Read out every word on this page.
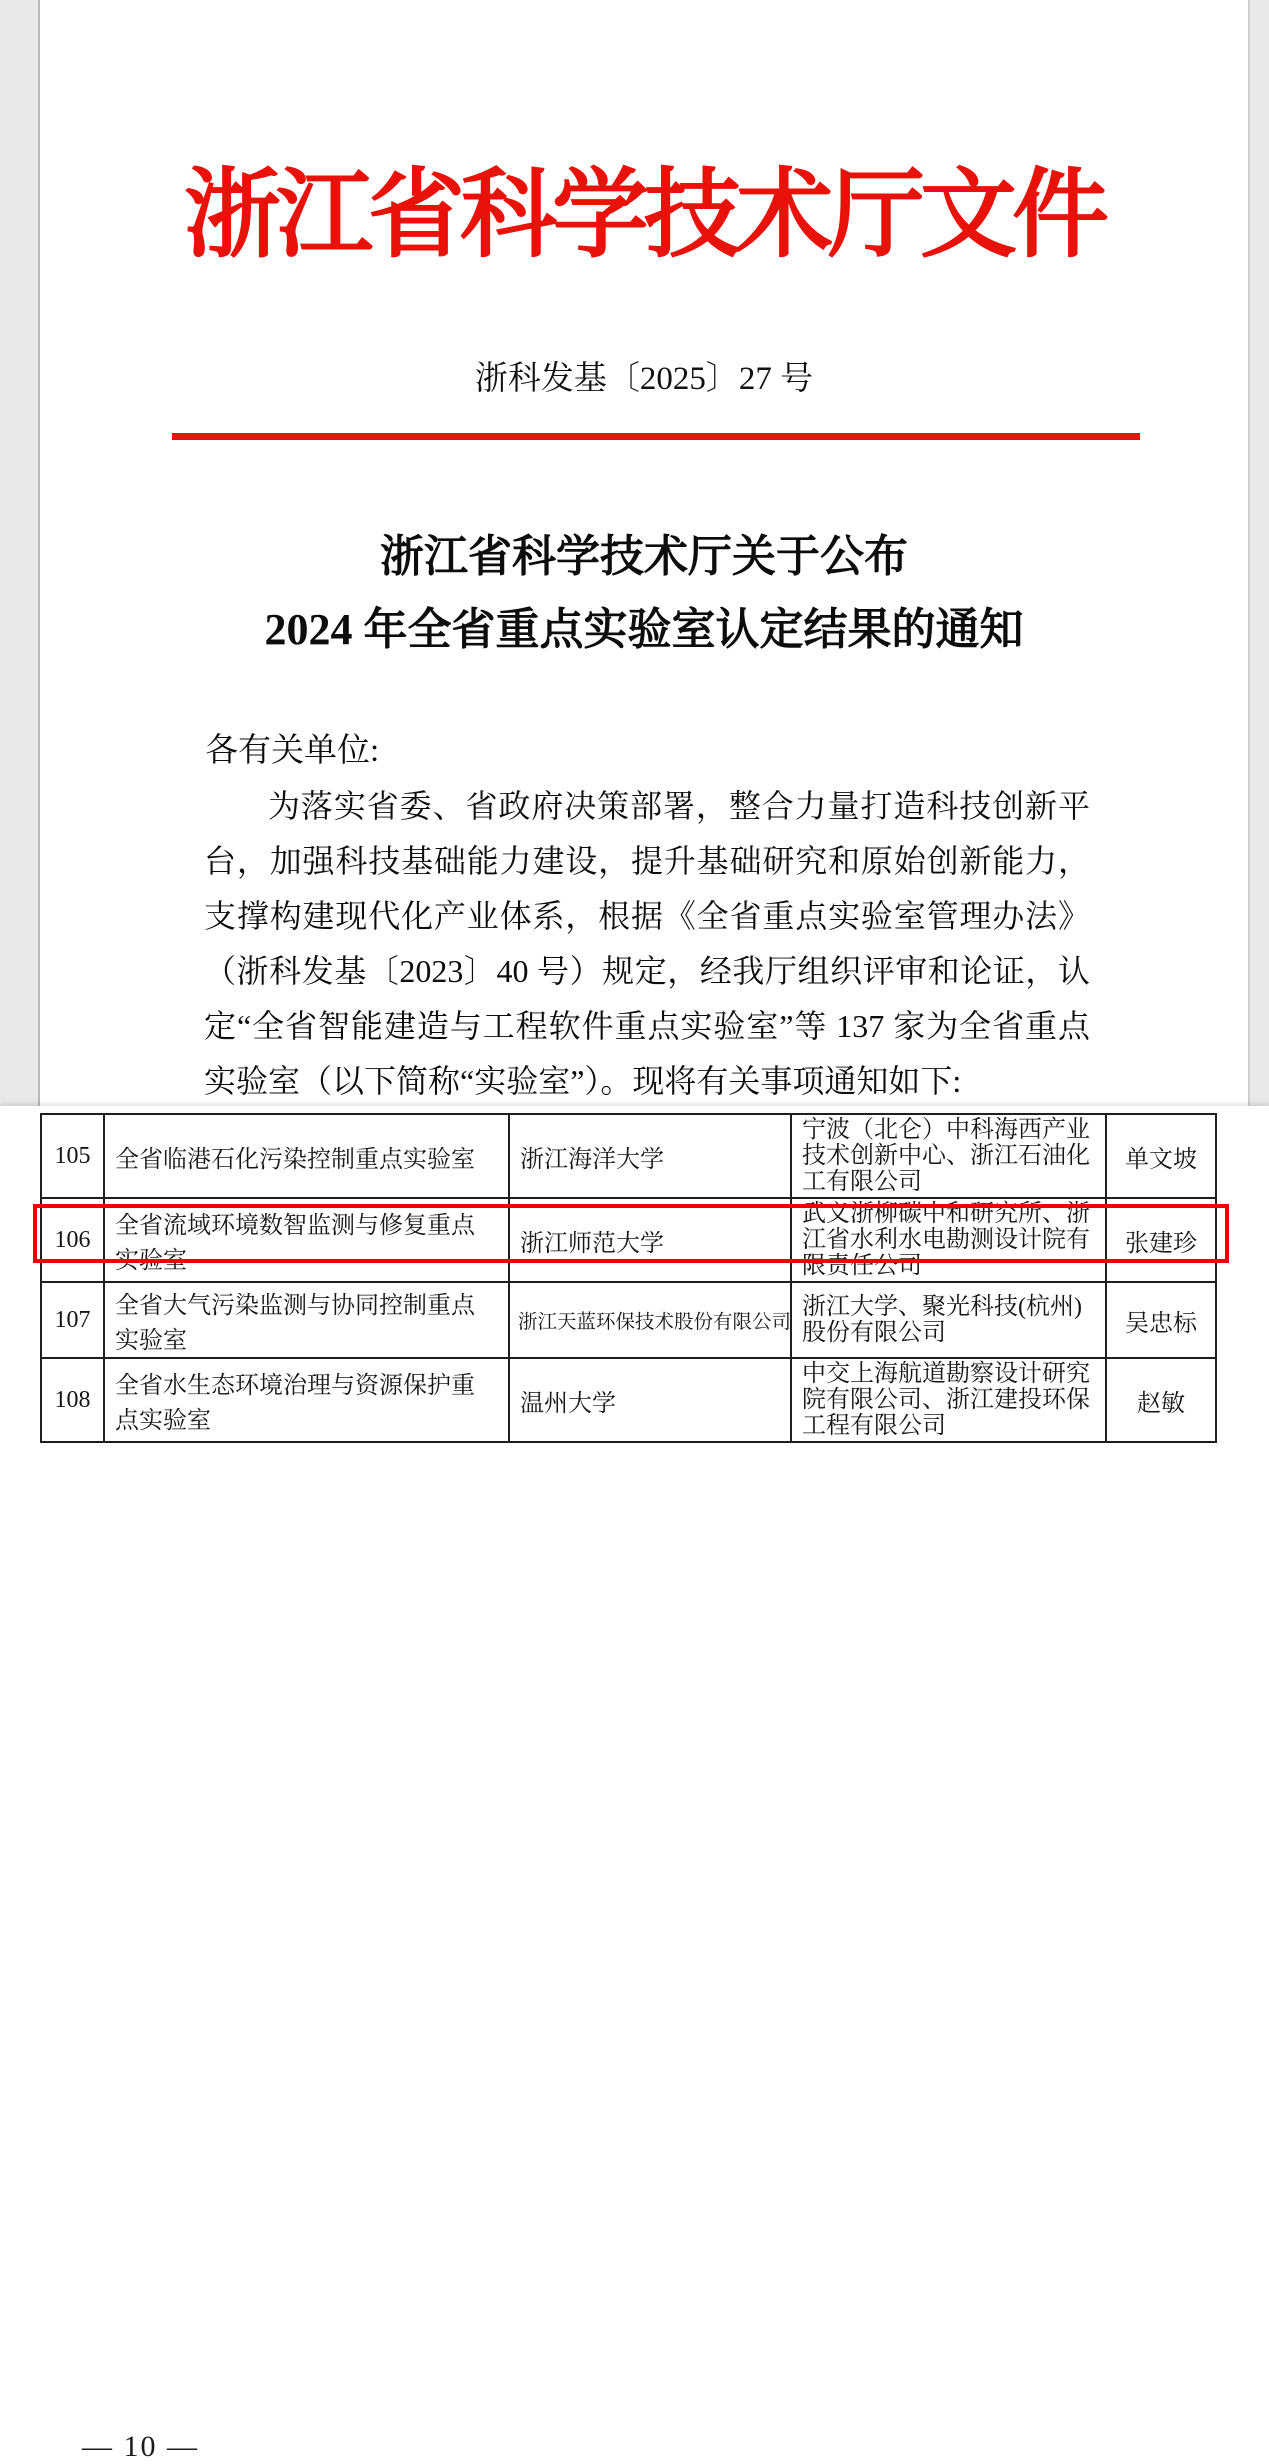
浙江省科学技术厅文件
浙科发基〔2025〕27 号
浙江省科学技术厅关于公布
2024 年全省重点实验室认定结果的通知
各有关单位:
为落实省委、省政府决策部署，整合力量打造科技创新平台，加强科技基础能力建设，提升基础研究和原始创新能力，支撑构建现代化产业体系，根据《全省重点实验室管理办法》（浙科发基〔2023〕40 号）规定，经我厅组织评审和论证，认定“全省智能建造与工程软件重点实验室”等 137 家为全省重点实验室（以下简称“实验室”）。现将有关事项通知如下:
105	全省临港石化污染控制重点实验室	浙江海洋大学	宁波（北仑）中科海西产业技术创新中心、浙江石油化工有限公司	单文坡
106	全省流域环境数智监测与修复重点实验室	浙江师范大学	武义浙柳碳中和研究所、浙江省水利水电勘测设计院有限责任公司	张建珍
107	全省大气污染监测与协同控制重点实验室	浙江天蓝环保技术股份有限公司	浙江大学、聚光科技(杭州)股份有限公司	吴忠标
108	全省水生态环境治理与资源保护重点实验室	温州大学	中交上海航道勘察设计研究院有限公司、浙江建投环保工程有限公司	赵敏
— 10 —
